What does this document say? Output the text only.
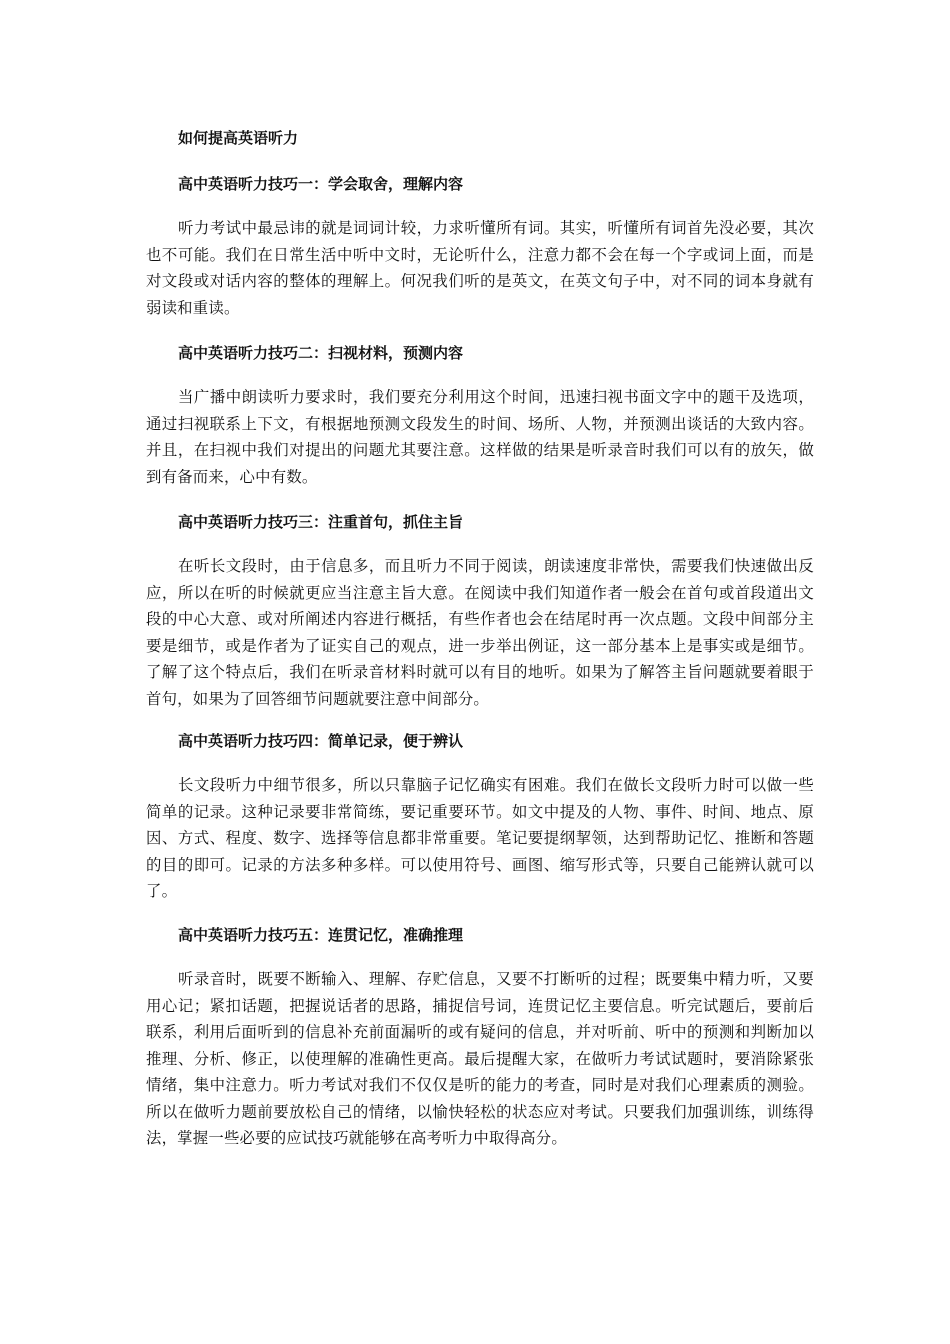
如何提高英语听力

高中英语听力技巧一：学会取舍，理解内容

听力考试中最忌讳的就是词词计较，力求听懂所有词。其实，听懂所有词首先没必要，其次也不可能。我们在日常生活中听中文时，无论听什么，注意力都不会在每一个字或词上面，而是对文段或对话内容的整体的理解上。何况我们听的是英文，在英文句子中，对不同的词本身就有弱读和重读。

高中英语听力技巧二：扫视材料，预测内容

当广播中朗读听力要求时，我们要充分利用这个时间，迅速扫视书面文字中的题干及选项，通过扫视联系上下文，有根据地预测文段发生的时间、场所、人物，并预测出谈话的大致内容。并且，在扫视中我们对提出的问题尤其要注意。这样做的结果是听录音时我们可以有的放矢，做到有备而来，心中有数。

高中英语听力技巧三：注重首句，抓住主旨

在听长文段时，由于信息多，而且听力不同于阅读，朗读速度非常快，需要我们快速做出反应，所以在听的时候就更应当注意主旨大意。在阅读中我们知道作者一般会在首句或首段道出文段的中心大意、或对所阐述内容进行概括，有些作者也会在结尾时再一次点题。文段中间部分主要是细节，或是作者为了证实自己的观点，进一步举出例证，这一部分基本上是事实或是细节。了解了这个特点后，我们在听录音材料时就可以有目的地听。如果为了解答主旨问题就要着眼于首句，如果为了回答细节问题就要注意中间部分。

高中英语听力技巧四：简单记录，便于辨认

长文段听力中细节很多，所以只靠脑子记忆确实有困难。我们在做长文段听力时可以做一些简单的记录。这种记录要非常简练，要记重要环节。如文中提及的人物、事件、时间、地点、原因、方式、程度、数字、选择等信息都非常重要。笔记要提纲挈领，达到帮助记忆、推断和答题的目的即可。记录的方法多种多样。可以使用符号、画图、缩写形式等，只要自己能辨认就可以了。

高中英语听力技巧五：连贯记忆，准确推理

听录音时，既要不断输入、理解、存贮信息，又要不打断听的过程；既要集中精力听，又要用心记；紧扣话题，把握说话者的思路，捕捉信号词，连贯记忆主要信息。听完试题后，要前后联系，利用后面听到的信息补充前面漏听的或有疑问的信息，并对听前、听中的预测和判断加以推理、分析、修正，以使理解的准确性更高。最后提醒大家，在做听力考试试题时，要消除紧张情绪，集中注意力。听力考试对我们不仅仅是听的能力的考查，同时是对我们心理素质的测验。所以在做听力题前要放松自己的情绪，以愉快轻松的状态应对考试。只要我们加强训练，训练得法，掌握一些必要的应试技巧就能够在高考听力中取得高分。
